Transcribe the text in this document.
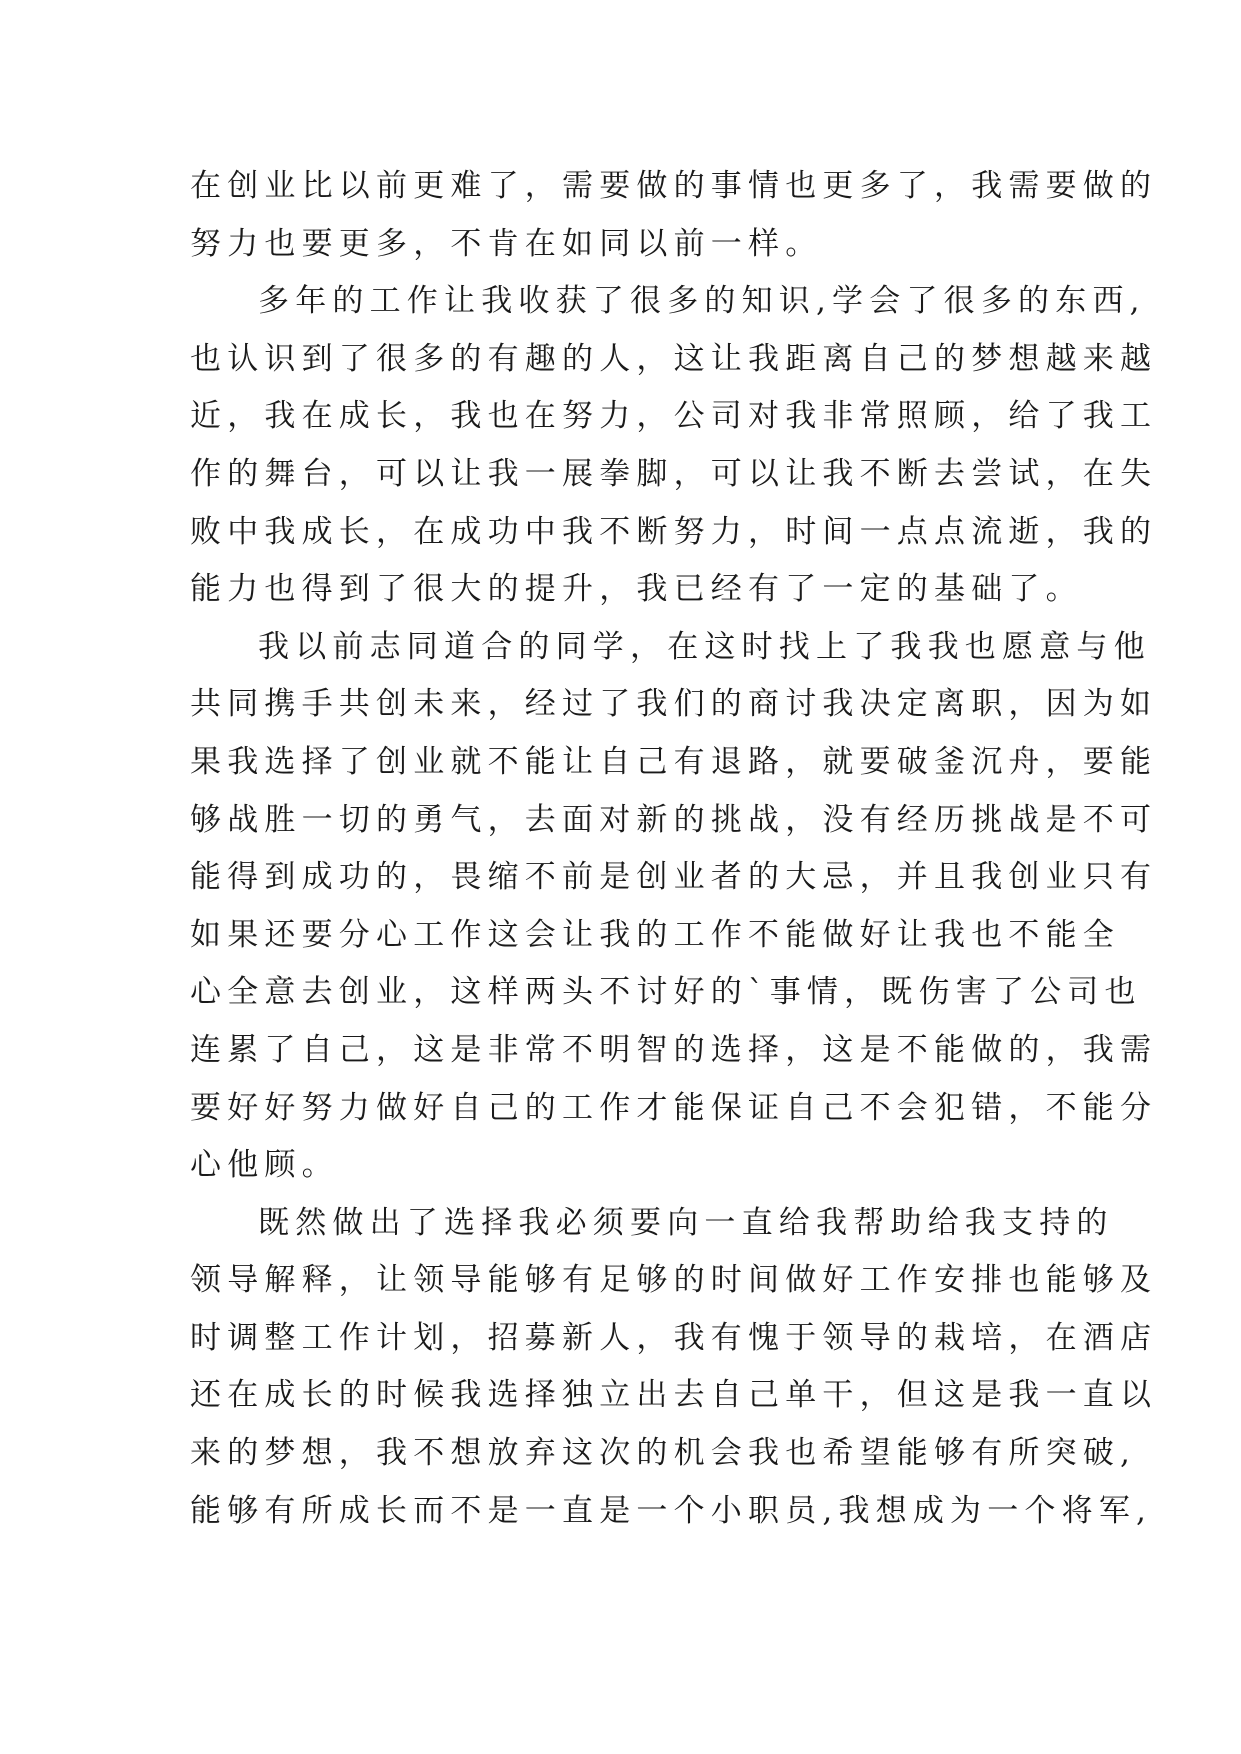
在创业比以前更难了，需要做的事情也更多了，我需要做的
努力也要更多，不肯在如同以前一样。
多年的工作让我收获了很多的知识,学会了很多的东西,
也认识到了很多的有趣的人，这让我距离自己的梦想越来越
近，我在成长，我也在努力，公司对我非常照顾，给了我工
作的舞台，可以让我一展拳脚，可以让我不断去尝试，在失
败中我成长，在成功中我不断努力，时间一点点流逝，我的
能力也得到了很大的提升，我已经有了一定的基础了。
我以前志同道合的同学，在这时找上了我我也愿意与他
共同携手共创未来，经过了我们的商讨我决定离职，因为如
果我选择了创业就不能让自己有退路，就要破釜沉舟，要能
够战胜一切的勇气，去面对新的挑战，没有经历挑战是不可
能得到成功的，畏缩不前是创业者的大忌，并且我创业只有
如果还要分心工作这会让我的工作不能做好让我也不能全
心全意去创业，这样两头不讨好的`事情，既伤害了公司也
连累了自己，这是非常不明智的选择，这是不能做的，我需
要好好努力做好自己的工作才能保证自己不会犯错，不能分
心他顾。
既然做出了选择我必须要向一直给我帮助给我支持的
领导解释，让领导能够有足够的时间做好工作安排也能够及
时调整工作计划，招募新人，我有愧于领导的栽培，在酒店
还在成长的时候我选择独立出去自己单干，但这是我一直以
来的梦想，我不想放弃这次的机会我也希望能够有所突破,
能够有所成长而不是一直是一个小职员,我想成为一个将军,
